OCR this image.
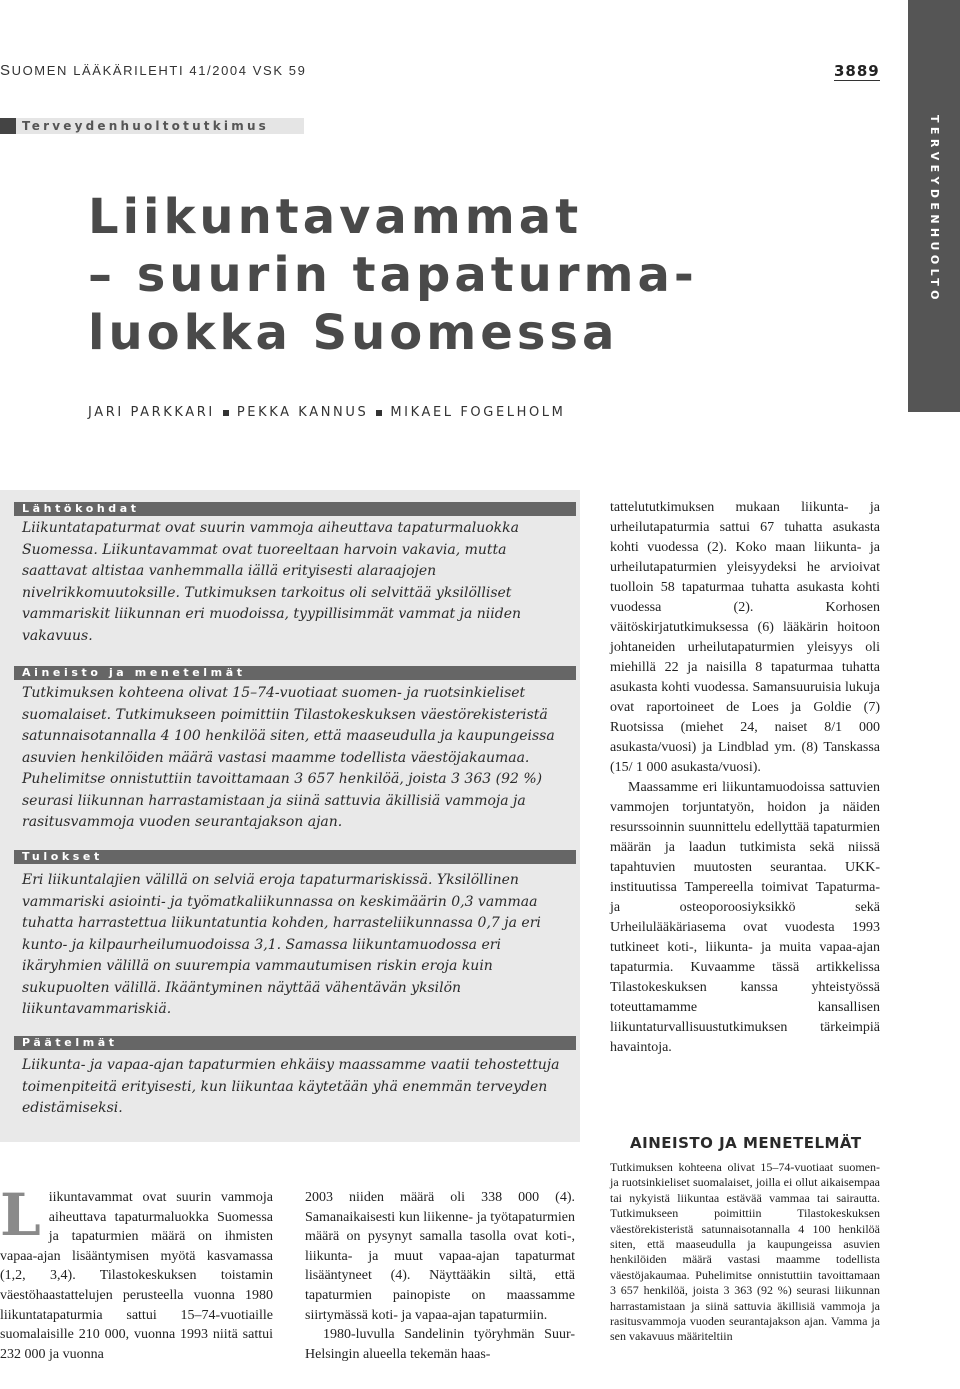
SUOMEN LÄÄKÄRILEHTI 41/2004 VSK 59	3889
Terveydenhuoltotutkimus	TERVEYDENHUOLTO
Liikuntavammat
– suurin tapaturma-
luokka Suomessa
JARI PARKKARI PEKKA KANNUS MIKAEL FOGELHOLM
Lähtökohdat

Liikuntatapaturmat ovat suurin vammoja aiheuttava tapaturmaluokka Suomessa. Liikuntavammat ovat tuoreeltaan harvoin vakavia, mutta saattavat altistaa vanhemmalla iällä erityisesti alaraajojen nivelrikkomuutoksille. Tutkimuksen tarkoitus oli selvittää yksilölliset vammariskit liikunnan eri muodoissa, tyypillisimmät vammat ja niiden vakavuus.

Aineisto ja menetelmät

Tutkimuksen kohteena olivat 15–74-vuotiaat suomen- ja ruotsinkieliset suomalaiset. Tutkimukseen poimittiin Tilastokeskuksen väestörekisteristä satunnaisotannalla 4 100 henkilöä siten, että maaseudulla ja kaupungeissa asuvien henkilöiden määrä vastasi maamme todellista väestöjakaumaa. Puhelimitse onnistuttiin tavoittamaan 3 657 henkilöä, joista 3 363 (92 %) seurasi liikunnan harrastamistaan ja siinä sattuvia äkillisiä vammoja ja rasitusvammoja vuoden seurantajakson ajan.

Tulokset

Eri liikuntalajien välillä on selviä eroja tapaturmariskissä. Yksilöllinen vammariski asiointi- ja työmatkaliikunnassa on keskimäärin 0,3 vammaa tuhatta harrastettua liikuntatuntia kohden, harrasteliikunnassa 0,7 ja eri kunto- ja kilpaurheilumuodoissa 3,1. Samassa liikuntamuodossa eri ikäryhmien välillä on suurempia vammautumisen riskin eroja kuin sukupuolten välillä. Ikääntyminen näyttää vähentävän yksilön liikuntavammariskiä.

Päätelmät

Liikunta- ja vapaa-ajan tapaturmien ehkäisy maassamme vaatii tehostettuja toimenpiteitä erityisesti, kun liikuntaa käytetään yhä enemmän terveyden edistämiseksi.

tattelututkimuksen mukaan liikunta- ja urheilutapaturmia sattui 67 tuhatta asukasta kohti vuodessa (2). Koko maan liikunta- ja urheilutapaturmien yleisyydeksi he arvioivat tuolloin 58 tapaturmaa tuhatta asukasta kohti vuodessa (2). Korhosen väitöskirjatutkimuksessa (6) lääkärin hoitoon johtaneiden urheilutapaturmien yleisyys oli miehillä 22 ja naisilla 8 tapaturmaa tuhatta asukasta kohti vuodessa. Samansuuruisia lukuja ovat raportoineet de Loes ja Goldie (7) Ruotsissa (miehet 24, naiset 8/1 000 asukasta/vuosi) ja Lindblad ym. (8) Tanskassa (15/ 1 000 asukasta/vuosi).

Maassamme eri liikuntamuodoissa sattuvien vammojen torjuntatyön, hoidon ja näiden resurssoinnin suunnittelu edellyttää tapaturmien määrän ja laadun tutkimista sekä niissä tapahtuvien muutosten seurantaa. UKK-instituutissa Tampereella toimivat Tapaturma- ja osteoporoosiyksikkö sekä Urheilulääkäriasema ovat vuodesta 1993 tutkineet koti-, liikunta- ja muita vapaa-ajan tapaturmia. Kuvaamme tässä artikkelissa Tilastokeskuksen kanssa yhteistyössä toteuttamamme kansallisen liikuntaturvallisuustutkimuksen tärkeimpiä havaintoja.

AINEISTO JA MENETELMÄT

Tutkimuksen kohteena olivat 15–74-vuotiaat suomen- ja ruotsinkieliset suomalaiset, joilla ei ollut aikaisempaa tai nykyistä liikuntaa estävää vammaa tai sairautta. Tutkimukseen poimittiin Tilastokeskuksen väestörekisteristä satunnaisotannalla 4 100 henkilöä siten, että maaseudulla ja kaupungeissa asuvien henkilöiden määrä vastasi maamme todellista väestöjakaumaa. Puhelimitse onnistuttiin tavoittamaan 3 657 henkilöä, joista 3 363 (92 %) seurasi liikunnan harrastamistaan ja siinä sattuvia äkillisiä vammoja ja rasitusvammoja vuoden seurantajakson ajan. Vamma ja sen vakavuus määriteltiin

Liikuntavammat ovat suurin vammoja aiheuttava tapaturmaluokka Suomessa ja tapaturmien määrä on ihmisten vapaa-ajan lisääntymisen myötä kasvamassa (1,2, 3,4). Tilastokeskuksen toistamin väestöhaastattelujen perusteella vuonna 1980 liikuntatapaturmia sattui 15–74-vuotiaille suomalaisille 210 000, vuonna 1993 niitä sattui 232 000 ja vuonna

2003 niiden määrä oli 338 000 (4). Samanaikaisesti kun liikenne- ja työtapaturmien määrä on pysynyt samalla tasolla ovat koti-, liikunta- ja muut vapaa-ajan tapaturmat lisääntyneet (4). Näyttääkin siltä, että tapaturmien painopiste on maassamme siirtymässä koti- ja vapaa-ajan tapaturmiin.

1980-luvulla Sandelinin työryhmän Suur-Helsingin alueella tekemän haas-
